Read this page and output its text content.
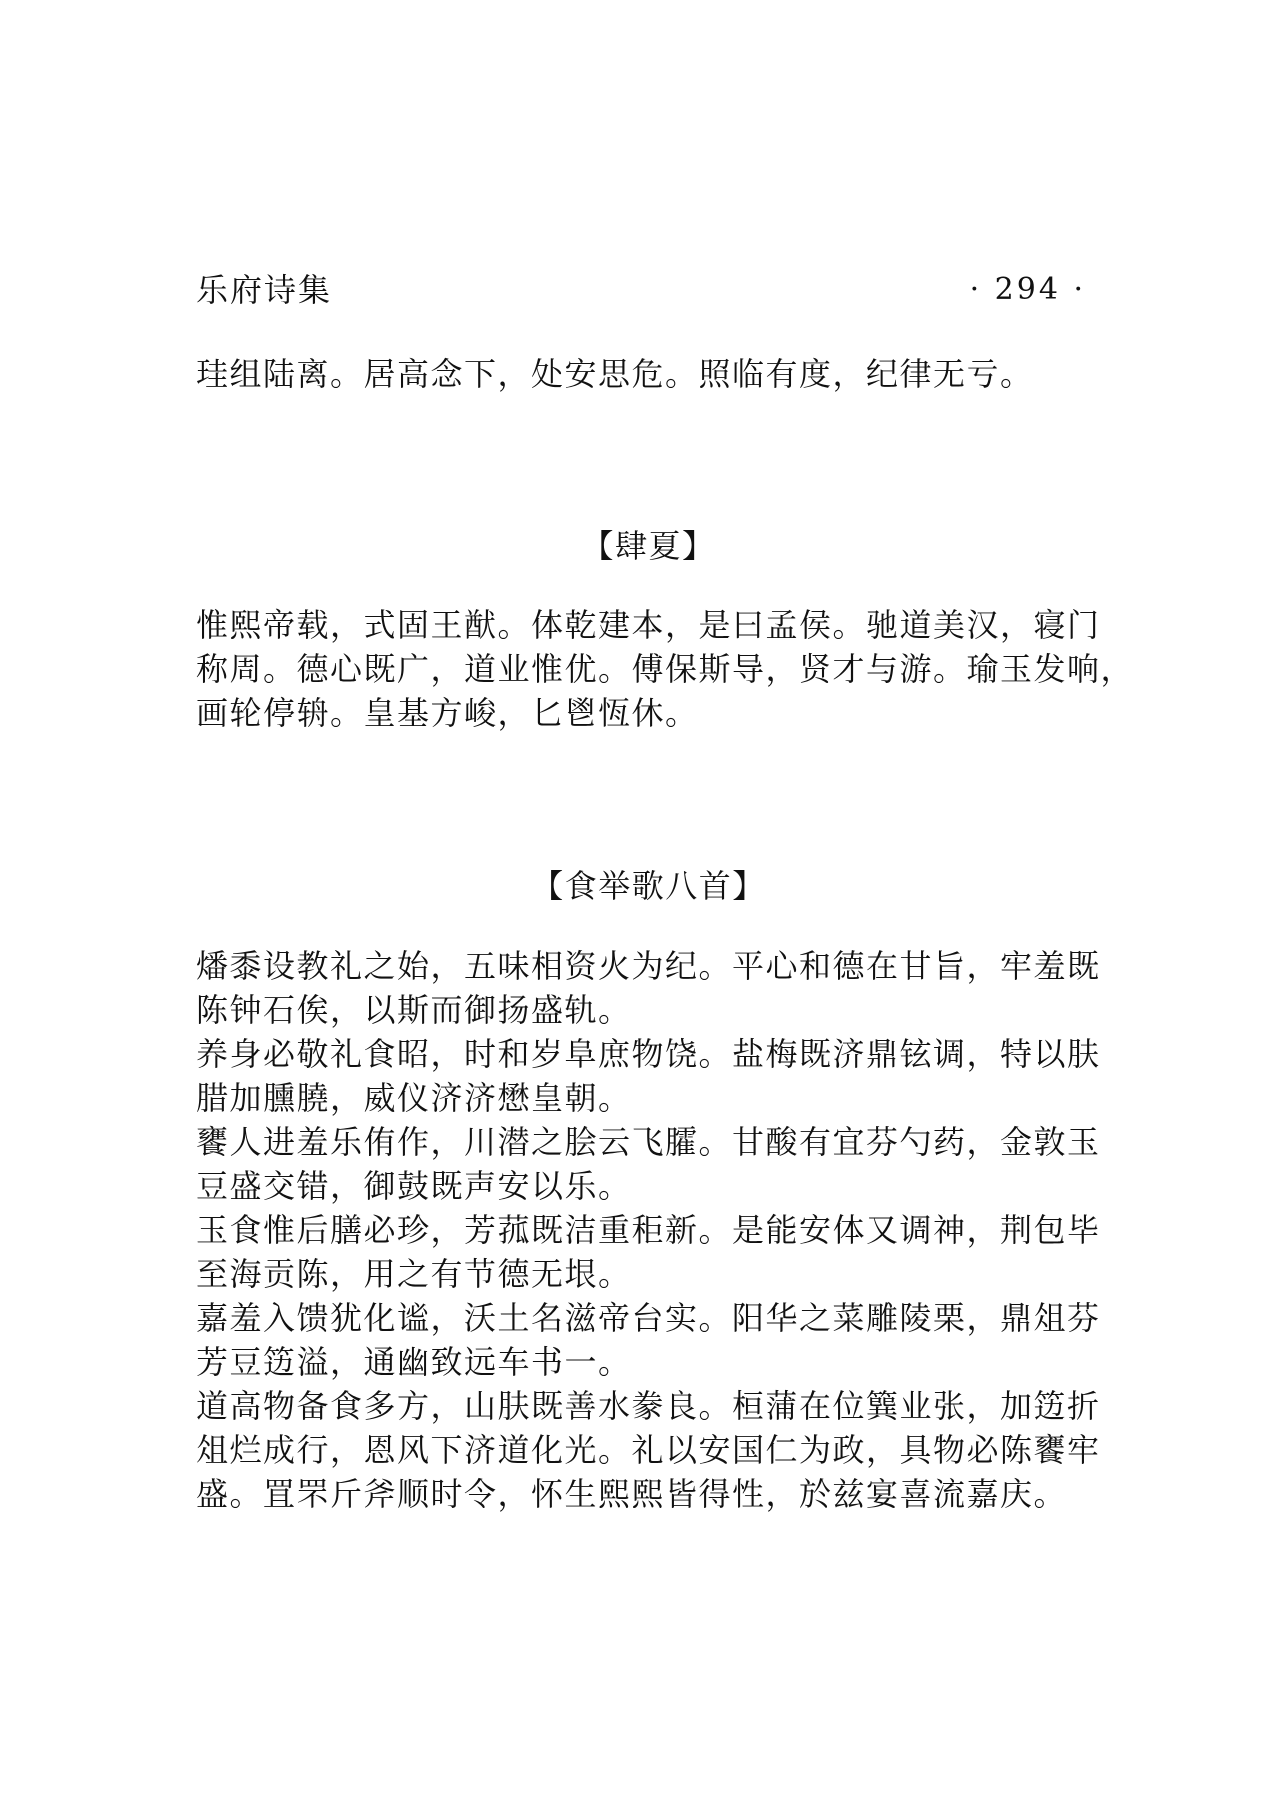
乐府诗集	· 294 ·

珪组陆离。居高念下，处安思危。照临有度，纪律无亏。

【肆夏】

惟熙帝载，式固王猷。体乾建本，是曰孟侯。驰道美汉，寝门
称周。德心既广，道业惟优。傅保斯导，贤才与游。瑜玉发响，
画轮停辀。皇基方峻，匕鬯恆休。

【食举歌八首】

燔黍设教礼之始，五味相资火为纪。平心和德在甘旨，牢羞既
陈钟石俟，以斯而御扬盛轨。
养身必敬礼食昭，时和岁阜庶物饶。盐梅既济鼎铉调，特以肤
腊加臐膮，威仪济济懋皇朝。
饔人进羞乐侑作，川潜之脍云飞臛。甘酸有宜芬勺药，金敦玉
豆盛交错，御鼓既声安以乐。
玉食惟后膳必珍，芳菰既洁重秬新。是能安体又调神，荆包毕
至海贡陈，用之有节德无垠。
嘉羞入馈犹化谧，沃土名滋帝台实。阳华之菜雕陵栗，鼎俎芬
芳豆笾溢，通幽致远车书一。
道高物备食多方，山肤既善水豢良。桓蒲在位簨业张，加笾折
俎烂成行，恩风下济道化光。礼以安国仁为政，具物必陈饔牢
盛。罝罘斤斧顺时令，怀生熙熙皆得性，於兹宴喜流嘉庆。
